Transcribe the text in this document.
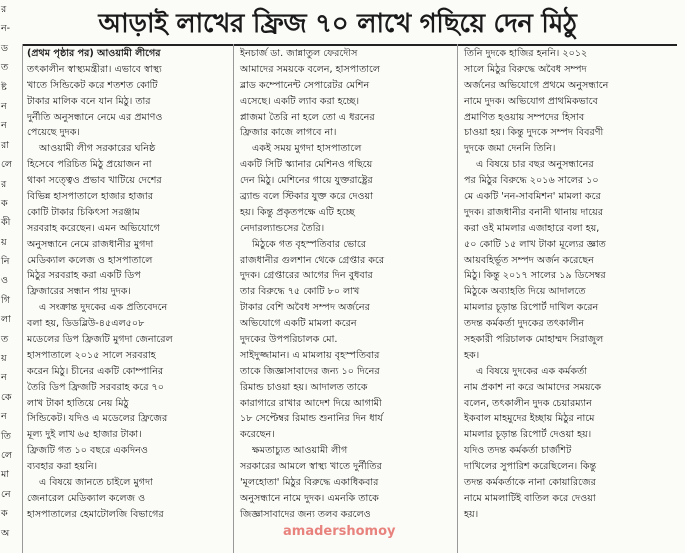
র
ন-
ড
ত
ষ্ট
ন
ন
রা
লে
র
ক
কী
য়
নি
ও
গি
লা
ত
য়
ন
কে
ন
তি
লে
মা
নে
ক
অ
আড়াই লাখের ফ্রিজ ৭০ লাখে গছিয়ে দেন মিঠু
(প্রথম পৃষ্ঠার পর) আওয়ামী লীগের
তৎকালীন স্বাস্থ্যমন্ত্রীরা। এভাবে স্বাস্থ্য
খাতে সিন্ডিকেট করে শতশত কোটি
টাকার মালিক বনে যান মিঠু। তার
দুর্নীতি অনুসন্ধানে নেমে এর প্রমাণও
পেয়েছে দুদক।
আওয়ামী লীগ সরকারের ঘনিষ্ঠ
হিসেবে পরিচিত মিঠু প্রয়োজন না
থাকা সত্ত্বেও প্রভাব খাটিয়ে দেশের
বিভিন্ন হাসপাতালে হাজার হাজার
কোটি টাকার চিকিৎসা সরঞ্জাম
সরবরাহ করেছেন। এমন অভিযোগে
অনুসন্ধানে নেমে রাজধানীর মুগদা
মেডিক্যাল কলেজ ও হাসপাতালে
মিঠুর সরবরাহ করা একটি ডিপ
ফ্রিজারের সন্ধান পায় দুদক।
এ সংক্রান্ত দুদকের এক প্রতিবেদনে
বলা হয়, ডিডব্লিউ-৪৫এল৫০৮
মডেলের ডিপ ফ্রিজটি মুগদা জেনারেল
হাসপাতালে ২০১৫ সালে সরবরাহ
করেন মিঠু। চীনের একটি কোম্পানির
তৈরি ডিপ ফ্রিজটি সরবরাহ করে ৭০
লাখ টাকা হাতিয়ে নেয় মিঠু
সিন্ডিকেট। যদিও এ মডেলের ফ্রিজের
মূল্য দুই লাখ ৬৫ হাজার টাকা।
ফ্রিজটি গত ১০ বছরে একদিনও
ব্যবহার করা হয়নি।
এ বিষয়ে জানতে চাইলে মুগদা
জেনারেল মেডিক্যাল কলেজ ও
হাসপাতালের হেমাটোলজি বিভাগের
ইনচার্জ ডা. জান্নাতুল ফেরদৌস
আমাদের সময়কে বলেন, হাসপাতালে
ব্লাড কম্পোনেন্ট সেপারেটর মেশিন
এসেছে। একটি ল্যাব করা হচ্ছে।
প্লাজমা তৈরি না হলে তো এ ধরনের
ফ্রিজার কাজে লাগবে না।
একই সময় মুগদা হাসপাতালে
একটি সিটি স্ক্যানার মেশিনও গছিয়ে
দেন মিঠু। মেশিনের গায়ে যুক্তরাষ্ট্রের
ব্র্যান্ড বলে স্টিকার যুক্ত করে দেওয়া
হয়। কিন্তু প্রকৃতপক্ষে এটি হচ্ছে
নেদারল্যান্ডসের তৈরি।
মিঠুকে গত বৃহস্পতিবার ভোরে
রাজধানীর গুলশান থেকে গ্রেপ্তার করে
দুদক। গ্রেপ্তারের আগের দিন বুধবার
তার বিরুদ্ধে ৭৫ কোটি ৮০ লাখ
টাকার বেশি অবৈধ সম্পদ অর্জনের
অভিযোগে একটি মামলা করেন
দুদকের উপপরিচালক মো.
সাইদুজ্জামান। এ মামলায় বৃহস্পতিবার
তাকে জিজ্ঞাসাবাদের জন্য ১০ দিনের
রিমান্ড চাওয়া হয়। আদালত তাকে
কারাগারে রাখার আদেশ দিয়ে আগামী
১৮ সেপ্টেম্বর রিমান্ড শুনানির দিন ধার্য
করেছেন।
ক্ষমতাচ্যুত আওয়ামী লীগ
সরকারের আমলে স্বাস্থ্য খাতে দুর্নীতির
'মূলহোতা' মিঠুর বিরুদ্ধে একাধিকবার
অনুসন্ধানে নামে দুদক। এমনকি তাকে
জিজ্ঞাসাবাদের জন্য তলব করলেও
তিনি দুদকে হাজির হননি। ২০১২
সালে মিঠুর বিরুদ্ধে অবৈধ সম্পদ
অর্জনের অভিযোগে প্রথমে অনুসন্ধানে
নামে দুদক। অভিযোগ প্রাথমিকভাবে
প্রমাণিত হওয়ায় সম্পদের হিসাব
চাওয়া হয়। কিন্তু দুদকে সম্পদ বিবরণী
দুদকে জমা দেননি তিনি।
এ বিষয়ে চার বছর অনুসন্ধানের
পর মিঠুর বিরুদ্ধে ২০১৬ সালের ১০
মে একটি 'নন-সাবমিশন' মামলা করে
দুদক। রাজধানীর বনানী থানায় দায়ের
করা ওই মামলার এজাহারে বলা হয়,
৫০ কোটি ১৫ লাখ টাকা মূল্যের জ্ঞাত
আয়বহির্ভূত সম্পদ অর্জন করেছেন
মিঠু। কিন্তু ২০১৭ সালের ১৯ ডিসেম্বর
মিঠুকে অব্যাহতি দিয়ে আদালতে
মামলার চূড়ান্ত রিপোর্ট দাখিল করেন
তদন্ত কর্মকর্তা দুদকের তৎকালীন
সহকারী পরিচালক মোহাম্মদ সিরাজুল
হক।
এ বিষয়ে দুদকের এক কর্মকর্তা
নাম প্রকাশ না করে আমাদের সময়কে
বলেন, তৎকালীন দুদক চেয়ারম্যান
ইকবাল মাহমুদের ইচ্ছায় মিঠুর নামে
মামলার চূড়ান্ত রিপোর্ট দেওয়া হয়।
যদিও তদন্ত কর্মকর্তা চার্জশিট
দাখিলের সুপারিশ করেছিলেন। কিন্তু
তদন্ত কর্মকর্তাকে নানা কোয়ারিজের
নামে মামলাটিই বাতিল করে দেওয়া
হয়।
amadershomoy
